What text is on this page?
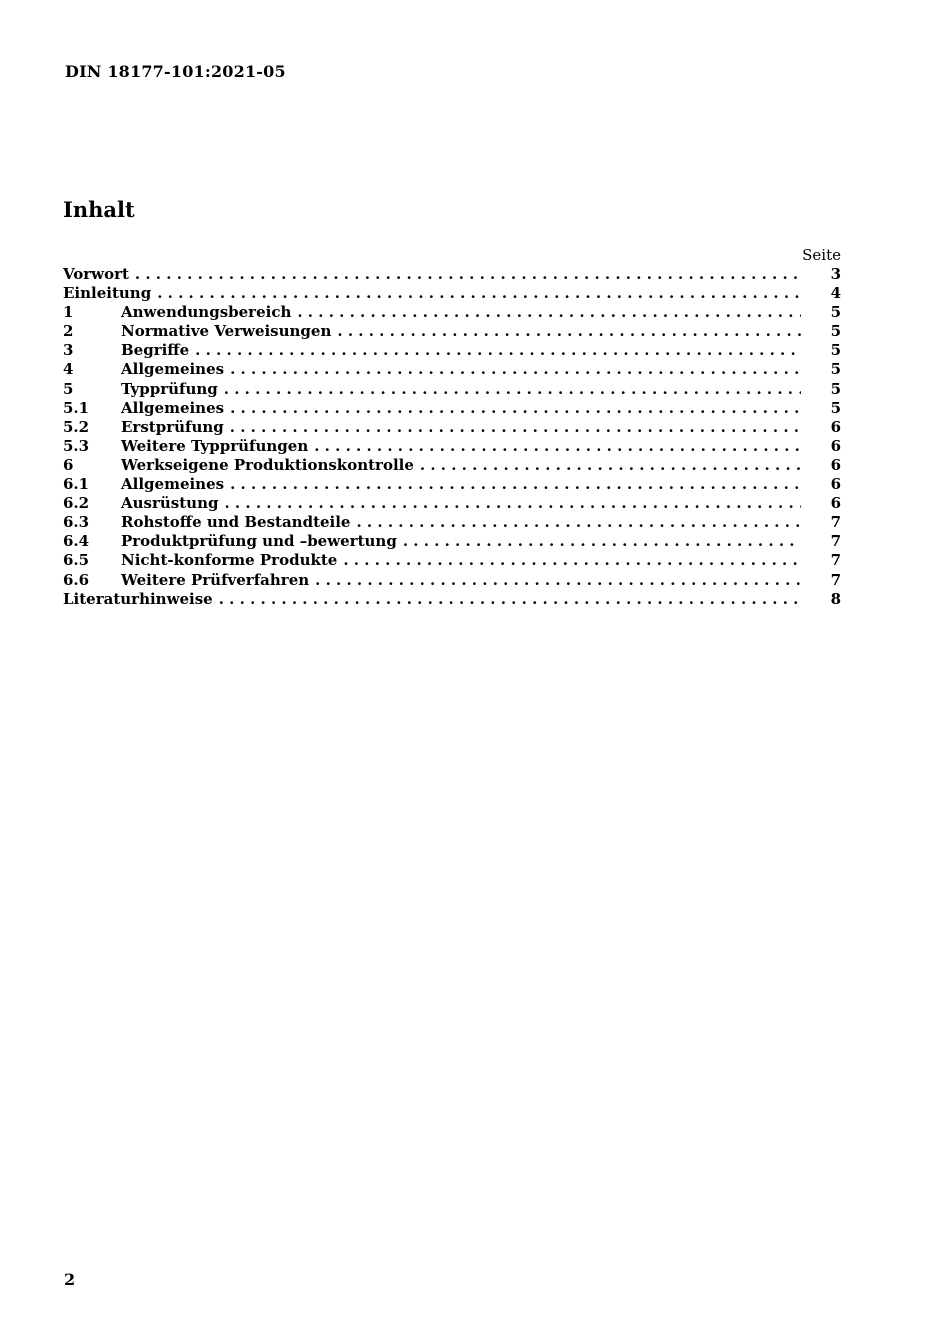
DIN 18177-101:2021-05
Inhalt
Seite
Vorwort . . .	3
Einleitung . . .	4
1	Anwendungsbereich . . .	5
2	Normative Verweisungen . . .	5
3	Begriffe . . .	5
4	Allgemeines . . .	5
5	Typprüfung . . .	5
5.1	Allgemeines . . .	5
5.2	Erstprüfung . . .	6
5.3	Weitere Typprüfungen . . .	6
6	Werkseigene Produktionskontrolle . . .	6
6.1	Allgemeines . . .	6
6.2	Ausrüstung . . .	6
6.3	Rohstoffe und Bestandteile . . .	7
6.4	Produktprüfung und –bewertung . . .	7
6.5	Nicht-konforme Produkte . . .	7
6.6	Weitere Prüfverfahren . . .	7
Literaturhinweise . . .	8
2
